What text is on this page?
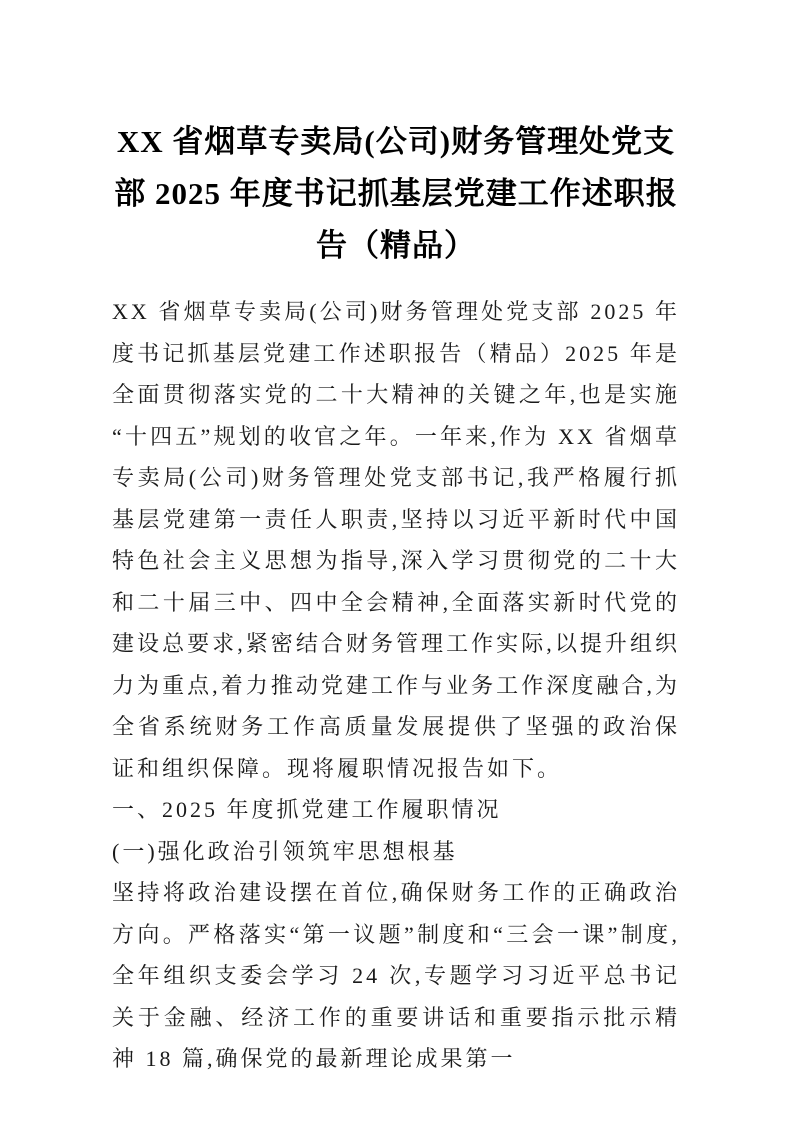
XX 省烟草专卖局(公司)财务管理处党支部 2025 年度书记抓基层党建工作述职报告（精品）

XX 省烟草专卖局(公司)财务管理处党支部 2025 年度书记抓基层党建工作述职报告（精品）2025 年是全面贯彻落实党的二十大精神的关键之年,也是实施“十四五”规划的收官之年。一年来,作为 XX 省烟草专卖局(公司)财务管理处党支部书记,我严格履行抓基层党建第一责任人职责,坚持以习近平新时代中国特色社会主义思想为指导,深入学习贯彻党的二十大和二十届三中、四中全会精神,全面落实新时代党的建设总要求,紧密结合财务管理工作实际,以提升组织力为重点,着力推动党建工作与业务工作深度融合,为全省系统财务工作高质量发展提供了坚强的政治保证和组织保障。现将履职情况报告如下。

一、2025 年度抓党建工作履职情况

(一)强化政治引领筑牢思想根基

坚持将政治建设摆在首位,确保财务工作的正确政治方向。严格落实“第一议题”制度和“三会一课”制度,全年组织支委会学习 24 次,专题学习习近平总书记关于金融、经济工作的重要讲话和重要指示批示精神 18 篇,确保党的最新理论成果第一
